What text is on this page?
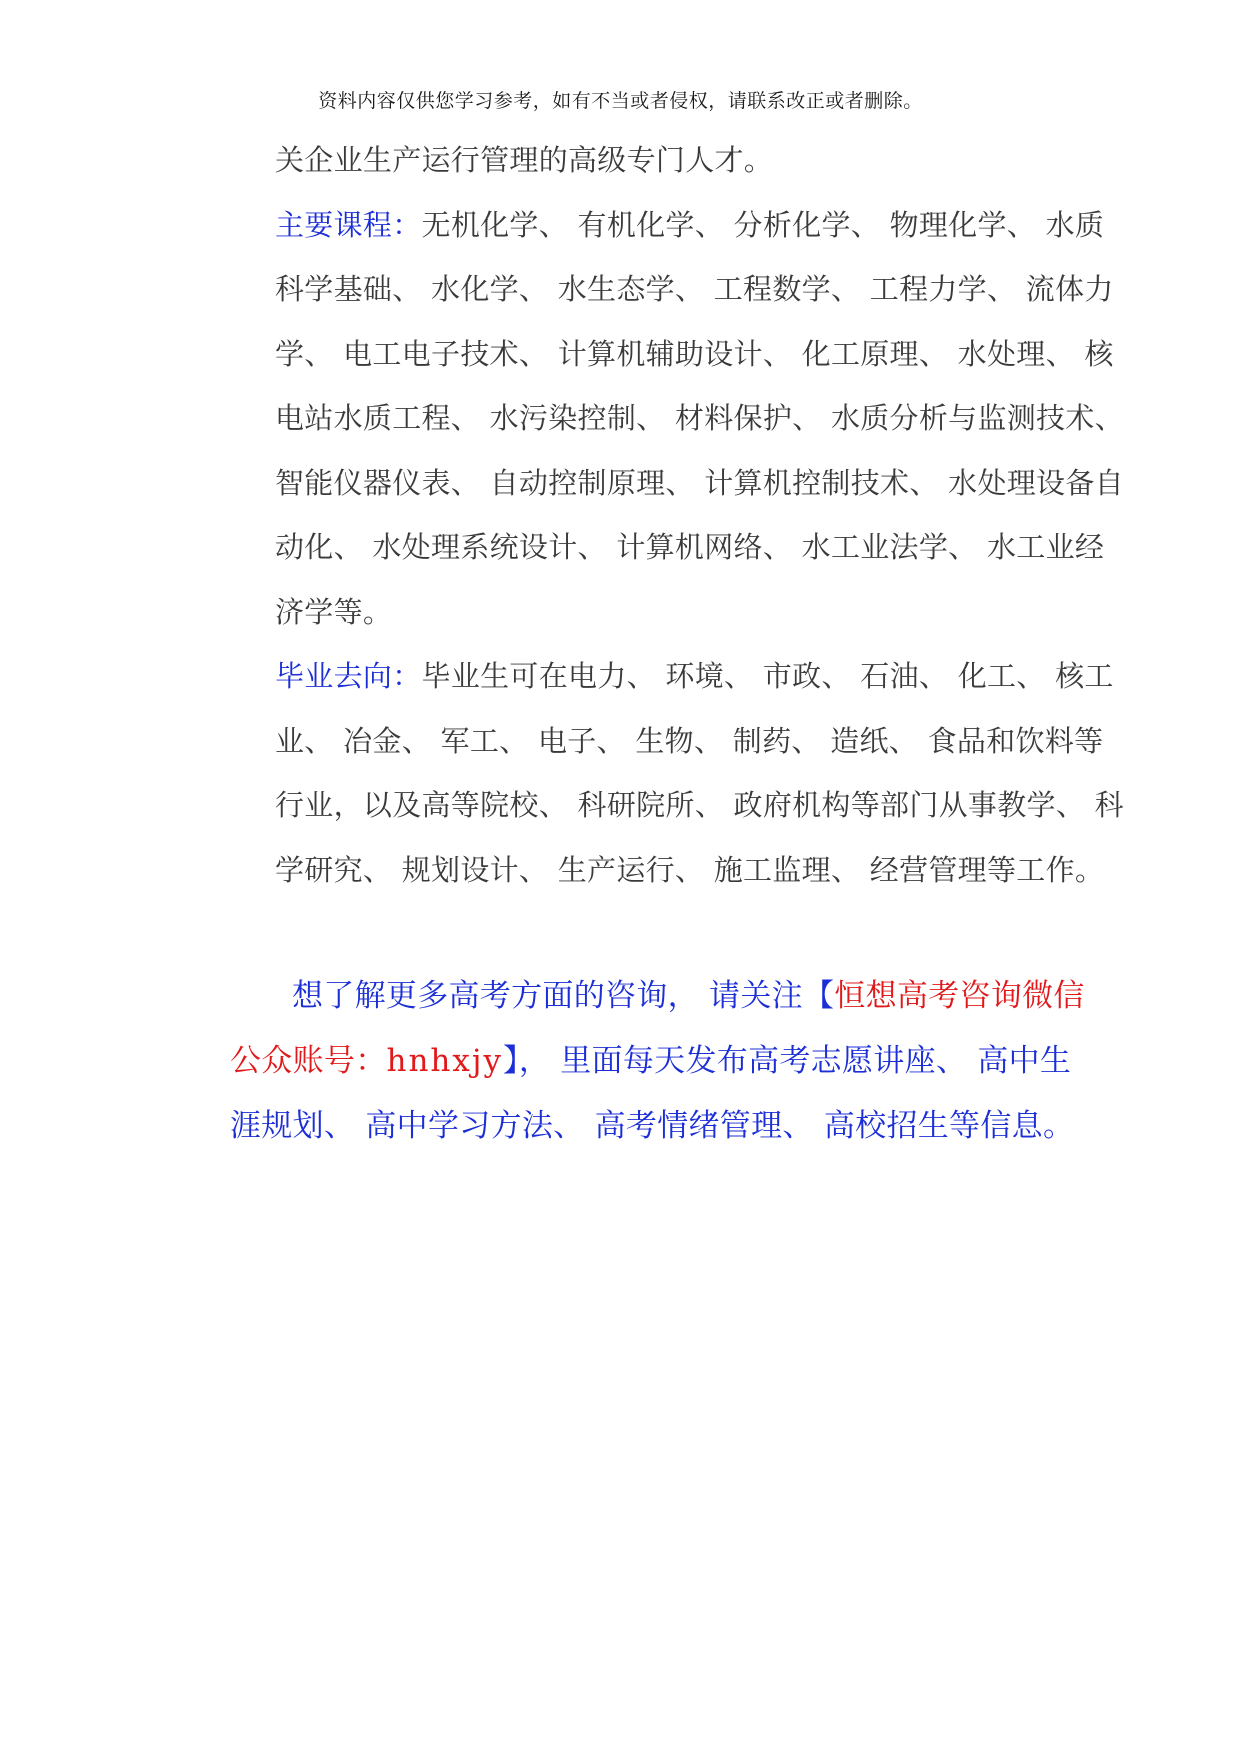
资料内容仅供您学习参考，如有不当或者侵权，请联系改正或者删除。

关企业生产运行管理的高级专门人才。

主要课程：无机化学、 有机化学、 分析化学、 物理化学、 水质科学基础、 水化学、 水生态学、 工程数学、 工程力学、 流体力学、 电工电子技术、 计算机辅助设计、 化工原理、 水处理、 核电站水质工程、 水污染控制、 材料保护、 水质分析与监测技术、 智能仪器仪表、 自动控制原理、 计算机控制技术、 水处理设备自动化、 水处理系统设计、 计算机网络、 水工业法学、 水工业经济学等。

毕业去向：毕业生可在电力、 环境、 市政、 石油、 化工、 核工业、 冶金、 军工、 电子、 生物、 制药、 造纸、 食品和饮料等行业，以及高等院校、 科研院所、 政府机构等部门从事教学、 科学研究、 规划设计、 生产运行、 施工监理、 经营管理等工作。

想了解更多高考方面的咨询， 请关注【恒想高考咨询微信公众账号：hnhxjy】， 里面每天发布高考志愿讲座、 高中生涯规划、 高中学习方法、 高考情绪管理、 高校招生等信息。
